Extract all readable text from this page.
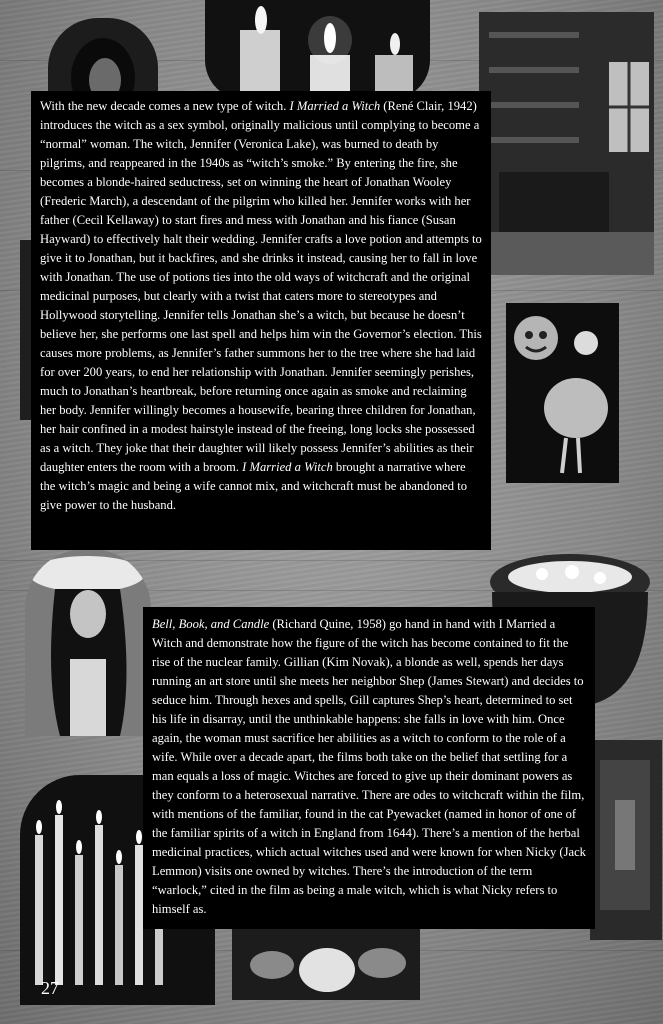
With the new decade comes a new type of witch. I Married a Witch (René Clair, 1942) introduces the witch as a sex symbol, originally malicious until complying to become a “normal” woman. The witch, Jennifer (Veronica Lake), was burned to death by pilgrims, and reappeared in the 1940s as “witch’s smoke.” By entering the fire, she becomes a blonde-haired seductress, set on winning the heart of Jonathan Wooley (Frederic March), a descendant of the pilgrim who killed her. Jennifer works with her father (Cecil Kellaway) to start fires and mess with Jonathan and his fiance (Susan Hayward) to effectively halt their wedding. Jennifer crafts a love potion and attempts to give it to Jonathan, but it backfires, and she drinks it instead, causing her to fall in love with Jonathan. The use of potions ties into the old ways of witchcraft and the original medicinal purposes, but clearly with a twist that caters more to stereotypes and Hollywood storytelling. Jennifer tells Jonathan she’s a witch, but because he doesn’t believe her, she performs one last spell and helps him win the Governor’s election. This causes more problems, as Jennifer’s father summons her to the tree where she had laid for over 200 years, to end her relationship with Jonathan. Jennifer seemingly perishes, much to Jonathan’s heartbreak, before returning once again as smoke and reclaiming her body. Jennifer willingly becomes a housewife, bearing three children for Jonathan, her hair confined in a modest hairstyle instead of the freeing, long locks she possessed as a witch. They joke that their daughter will likely possess Jennifer’s abilities as their daughter enters the room with a broom. I Married a Witch brought a narrative where the witch’s magic and being a wife cannot mix, and witchcraft must be abandoned to give power to the husband.

Bell, Book, and Candle (Richard Quine, 1958) go hand in hand with I Married a Witch and demonstrate how the figure of the witch has become contained to fit the rise of the nuclear family. Gillian (Kim Novak), a blonde as well, spends her days running an art store until she meets her neighbor Shep (James Stewart) and decides to seduce him. Through hexes and spells, Gill captures Shep’s heart, determined to set his life in disarray, until the unthinkable happens: she falls in love with him. Once again, the woman must sacrifice her abilities as a witch to conform to the role of a wife. While over a decade apart, the films both take on the belief that settling for a man equals a loss of magic. Witches are forced to give up their dominant powers as they conform to a heterosexual narrative. There are odes to witchcraft within the film, with mentions of the familiar, found in the cat Pyewacket (named in honor of one of the familiar spirits of a witch in England from 1644). There’s a mention of the herbal medicinal practices, which actual witches used and were known for when Nicky (Jack Lemmon) visits one owned by witches. There’s the introduction of the term “warlock,” cited in the film as being a male witch, which is what Nicky refers to himself as.

27
